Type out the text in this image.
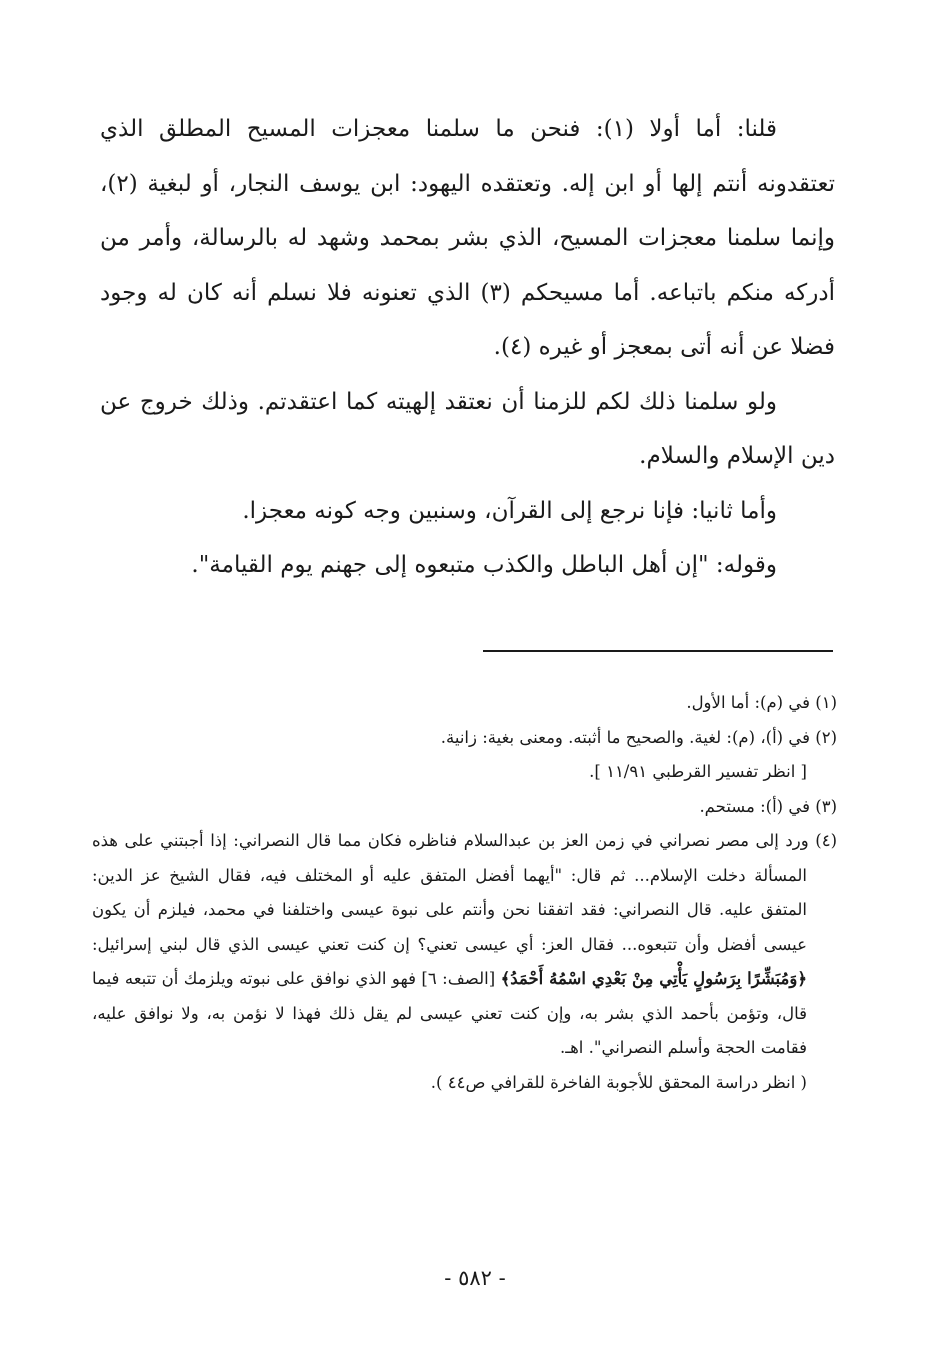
قلنا: أما أولا (١): فنحن ما سلمنا معجزات المسيح المطلق الذي تعتقدونه أنتم إلها أو ابن إله. وتعتقده اليهود: ابن يوسف النجار، أو لبغية (٢)، وإنما سلمنا معجزات المسيح، الذي بشر بمحمد وشهد له بالرسالة، وأمر من أدركه منكم باتباعه. أما مسيحكم (٣) الذي تعنونه فلا نسلم أنه كان له وجود فضلا عن أنه أتى بمعجز أو غيره (٤).

ولو سلمنا ذلك لكم للزمنا أن نعتقد إلهيته كما اعتقدتم. وذلك خروج عن دين الإسلام والسلام.

وأما ثانيا: فإنا نرجع إلى القرآن، وسنبين وجه كونه معجزا.

وقوله: "إن أهل الباطل والكذب متبعوه إلى جهنم يوم القيامة".

(١) في (م): أما الأول.

(٢) في (أ)، (م): لغية. والصحيح ما أثبته. ومعنى بغية: زانية.

[ انظر تفسير القرطبي ١١/٩١ ].

(٣) في (أ): مستحم.

(٤) ورد إلى مصر نصراني في زمن العز بن عبدالسلام فناظره فكان مما قال النصراني: إذا أجبتني على هذه المسألة دخلت الإسلام... ثم قال: "أيهما أفضل المتفق عليه أو المختلف فيه، فقال الشيخ عز الدين: المتفق عليه. قال النصراني: فقد اتفقنا نحن وأنتم على نبوة عيسى واختلفنا في محمد، فيلزم أن يكون عيسى أفضل وأن تتبعوه... فقال العز: أي عيسى تعني؟ إن كنت تعني عيسى الذي قال لبني إسرائيل: ﴿وَمُبَشِّرًا بِرَسُولٍ يَأْتِي مِنْ بَعْدِي اسْمُهُ أَحْمَدُ﴾ [الصف: ٦] فهو الذي نوافق على نبوته ويلزمك أن تتبعه فيما قال، وتؤمن بأحمد الذي بشر به، وإن كنت تعني عيسى لم يقل ذلك فهذا لا نؤمن به، ولا نوافق عليه، فقامت الحجة وأسلم النصراني". اهـ.

( انظر دراسة المحقق للأجوبة الفاخرة للقرافي ص٤٤ ).

- ٥٨٢ -
